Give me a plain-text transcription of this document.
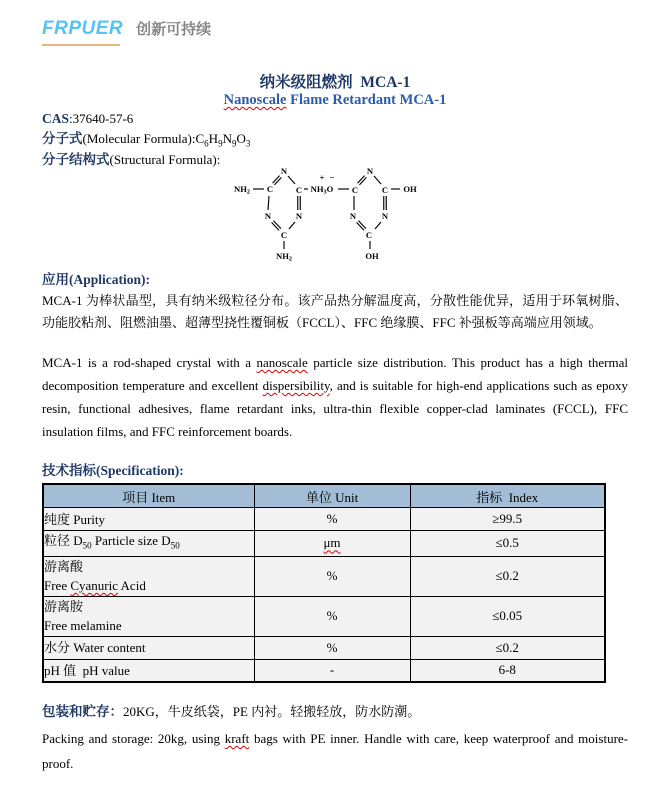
FRPUER 创新可持续
纳米级阻燃剂  MCA-1
Nanoscale Flame Retardant MCA-1
CAS:37640-57-6
分子式(Molecular $Formula):C_6H_9N_9O_3$
分子结构式(Structural Formula):
$NH_2$ C
N
C
N	N
C
$NH_2$
$NH_3O$ C
N
C
N	N
C
OH
OH
+ −
应用(Application):
MCA-1 为棒状晶型，具有纳米级粒径分布。该产品热分解温度高，分散性能优异，适用于环氧树脂、功能胶粘剂、阻燃油墨、超薄型挠性覆铜板（FCCL）、FFC 绝缘膜、FFC 补强板等高端应用领域。
MCA-1 is a rod-shaped crystal with a nanoscale particle size distribution. This product has a high thermal decomposition temperature and excellent dispersibility, and is suitable for high-end applications such as epoxy resin, functional adhesives, flame retardant inks, ultra-thin flexible copper-clad laminates (FCCL), FFC insulation films, and FFC reinforcement boards.
技术指标(Specification):
项目 Item	单位 Unit	指标  Index
纯度 Purity	%	≥99.5
粒径 $D_{50}$ Particle size $D_{50}$	μm	≤0.5

游离酸
Free Cyanuric Acid	%	≤0.2

游离胺
Free melamine	%	≤0.05
水分 Water content	%	≤0.2
pH 值  pH value	-	6-8
包装和贮存：20KG，牛皮纸袋，PE 内衬。轻搬轻放，防水防潮。
Packing and storage: 20kg, using kraft bags with PE inner. Handle with care, keep waterproof and moisture-proof.
